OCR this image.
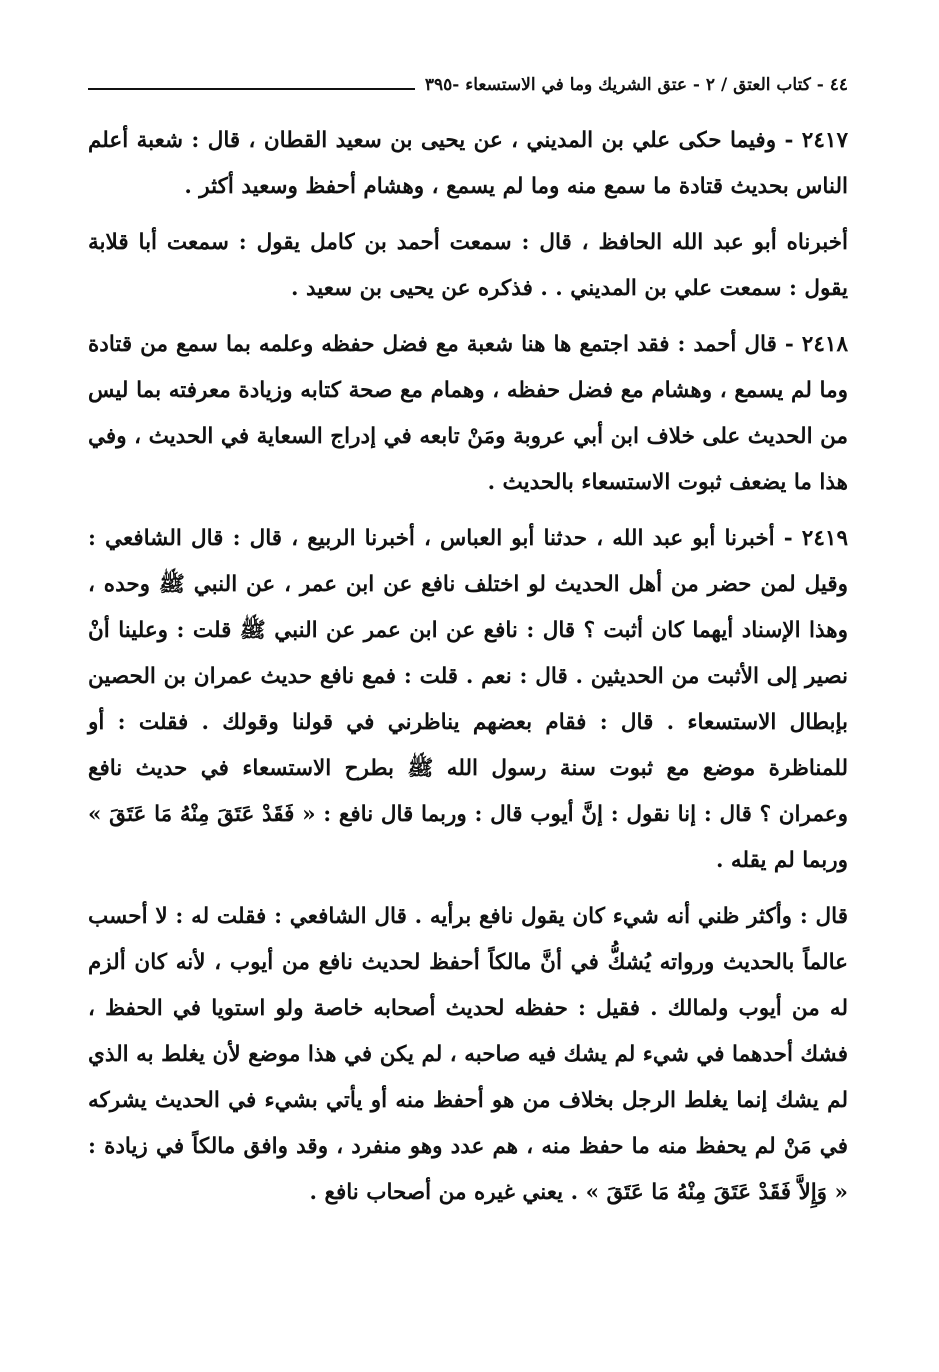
٤٤ - كتاب العتق / ٢ - عتق الشريك وما في الاستسعاء -٣٩٥

٢٤١٧ - وفيما حكى علي بن المديني ، عن يحيى بن سعيد القطان ، قال : شعبة أعلم الناس بحديث قتادة ما سمع منه وما لم يسمع ، وهشام أحفظ وسعيد أكثر .

أخبرناه أبو عبد الله الحافظ ، قال : سمعت أحمد بن كامل يقول : سمعت أبا قلابة يقول : سمعت علي بن المديني . . فذكره عن يحيى بن سعيد .

٢٤١٨ - قال أحمد : فقد اجتمع ها هنا شعبة مع فضل حفظه وعلمه بما سمع من قتادة وما لم يسمع ، وهشام مع فضل حفظه ، وهمام مع صحة كتابه وزيادة معرفته بما ليس من الحديث على خلاف ابن أبي عروبة ومَنْ تابعه في إدراج السعاية في الحديث ، وفي هذا ما يضعف ثبوت الاستسعاء بالحديث .

٢٤١٩ - أخبرنا أبو عبد الله ، حدثنا أبو العباس ، أخبرنا الربيع ، قال : قال الشافعي : وقيل لمن حضر من أهل الحديث لو اختلف نافع عن ابن عمر ، عن النبي ﷺ وحده ، وهذا الإسناد أيهما كان أثبت ؟ قال : نافع عن ابن عمر عن النبي ﷺ قلت : وعلينا أنْ نصير إلى الأثبت من الحديثين . قال : نعم . قلت : فمع نافع حديث عمران بن الحصين بإبطال الاستسعاء . قال : فقام بعضهم يناظرني في قولنا وقولك . فقلت : أو للمناظرة موضع مع ثبوت سنة رسول الله ﷺ بطرح الاستسعاء في حديث نافع وعمران ؟ قال : إنا نقول : إنَّ أيوب قال : وربما قال نافع : « فَقَدْ عَتَقَ مِنْهُ مَا عَتَقَ » وربما لم يقله .

قال : وأكثر ظني أنه شيء كان يقول نافع برأيه . قال الشافعي : فقلت له : لا أحسب عالماً بالحديث ورواته يُشكُّ في أنَّ مالكاً أحفظ لحديث نافع من أيوب ، لأنه كان ألزم له من أيوب ولمالك . فقيل : حفظه لحديث أصحابه خاصة ولو استويا في الحفظ ، فشك أحدهما في شيء لم يشك فيه صاحبه ، لم يكن في هذا موضع لأن يغلط به الذي لم يشك إنما يغلط الرجل بخلاف من هو أحفظ منه أو يأتي بشيء في الحديث يشركه في مَنْ لم يحفظ منه ما حفظ منه ، هم عدد وهو منفرد ، وقد وافق مالكاً في زيادة : « وَإِلاَّ فَقَدْ عَتَقَ مِنْهُ مَا عَتَقَ » . يعني غيره من أصحاب نافع .
